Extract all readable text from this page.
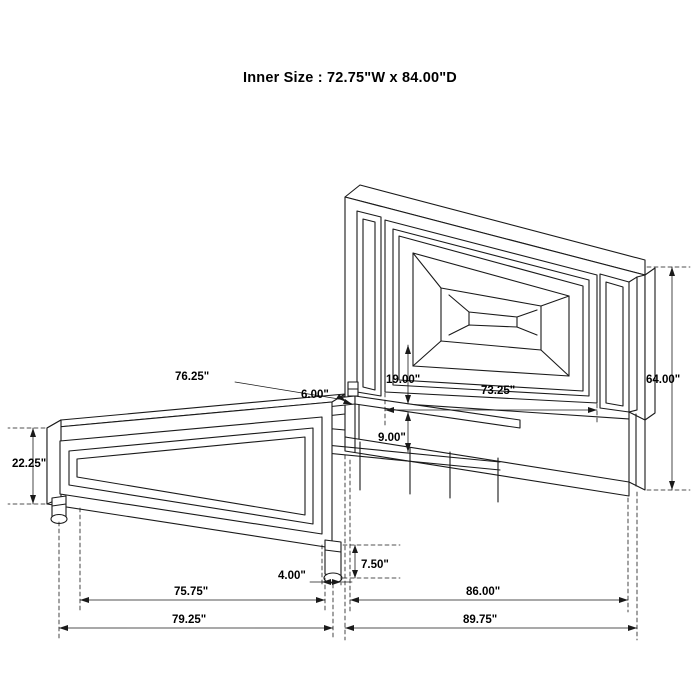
Inner Size : 72.75"W x 84.00"D
64.00"
73.25"
19.00"
9.00"
76.25"
6.00"
22.25"
7.50"
4.00"
75.75"	86.00"
79.25"	89.75"
